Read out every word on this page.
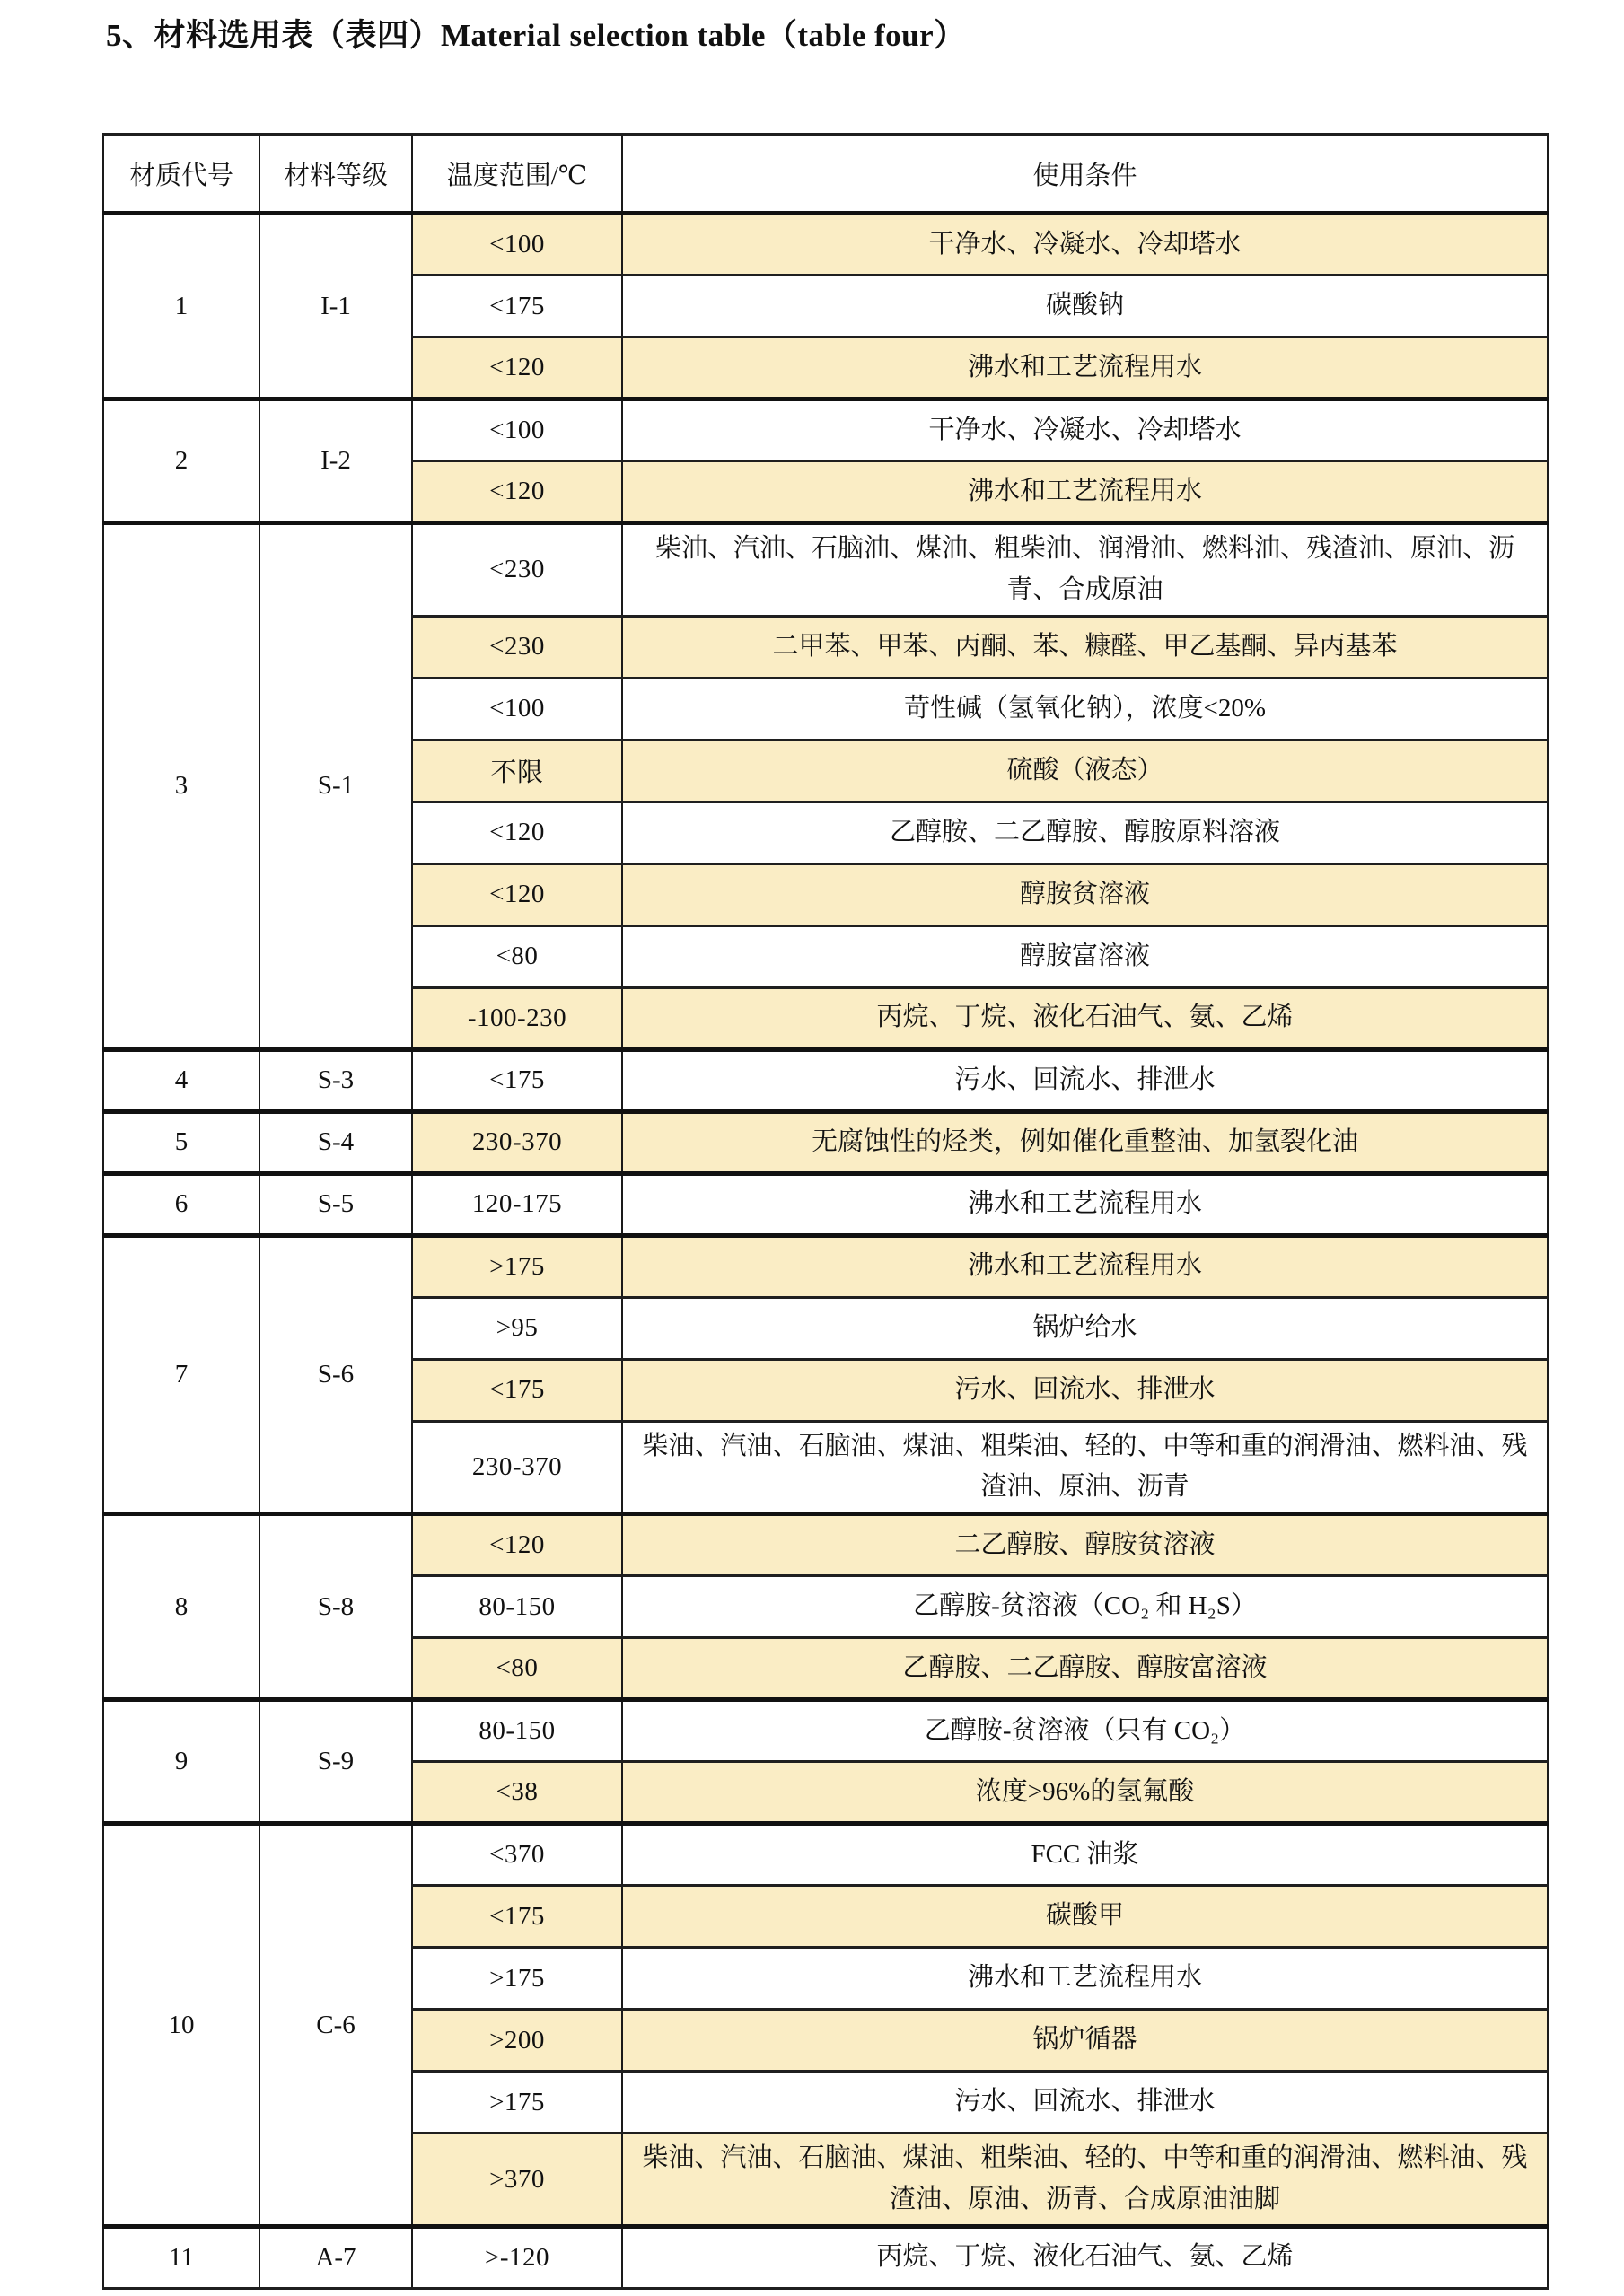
5、材料选用表（表四）Material selection table（table four）
材质代号	材料等级	温度范围/℃	使用条件
1	I-1	<100	干净水、冷凝水、冷却塔水
		<175	碳酸钠
		<120	沸水和工艺流程用水
2	I-2	<100	干净水、冷凝水、冷却塔水
		<120	沸水和工艺流程用水
3	S-1	<230	柴油、汽油、石脑油、煤油、粗柴油、润滑油、燃料油、残渣油、原油、沥青、合成原油
		<230	二甲苯、甲苯、丙酮、苯、糠醛、甲乙基酮、异丙基苯
		<100	苛性碱（氢氧化钠），浓度<20%
		不限	硫酸（液态）
		<120	乙醇胺、二乙醇胺、醇胺原料溶液
		<120	醇胺贫溶液
		<80	醇胺富溶液
		-100-230	丙烷、丁烷、液化石油气、氨、乙烯
4	S-3	<175	污水、回流水、排泄水
5	S-4	230-370	无腐蚀性的烃类，例如催化重整油、加氢裂化油
6	S-5	120-175	沸水和工艺流程用水
7	S-6	>175	沸水和工艺流程用水
		>95	锅炉给水
		<175	污水、回流水、排泄水
		230-370	柴油、汽油、石脑油、煤油、粗柴油、轻的、中等和重的润滑油、燃料油、残渣油、原油、沥青
8	S-8	<120	二乙醇胺、醇胺贫溶液
		80-150	乙醇胺-贫溶液（CO₂ 和 H₂S）
		<80	乙醇胺、二乙醇胺、醇胺富溶液
9	S-9	80-150	乙醇胺-贫溶液（只有 CO₂）
		<38	浓度>96%的氢氟酸
10	C-6	<370	FCC 油浆
		<175	碳酸甲
		>175	沸水和工艺流程用水
		>200	锅炉循器
		>175	污水、回流水、排泄水
		>370	柴油、汽油、石脑油、煤油、粗柴油、轻的、中等和重的润滑油、燃料油、残渣油、原油、沥青、合成原油油脚
11	A-7	>-120	丙烷、丁烷、液化石油气、氨、乙烯
